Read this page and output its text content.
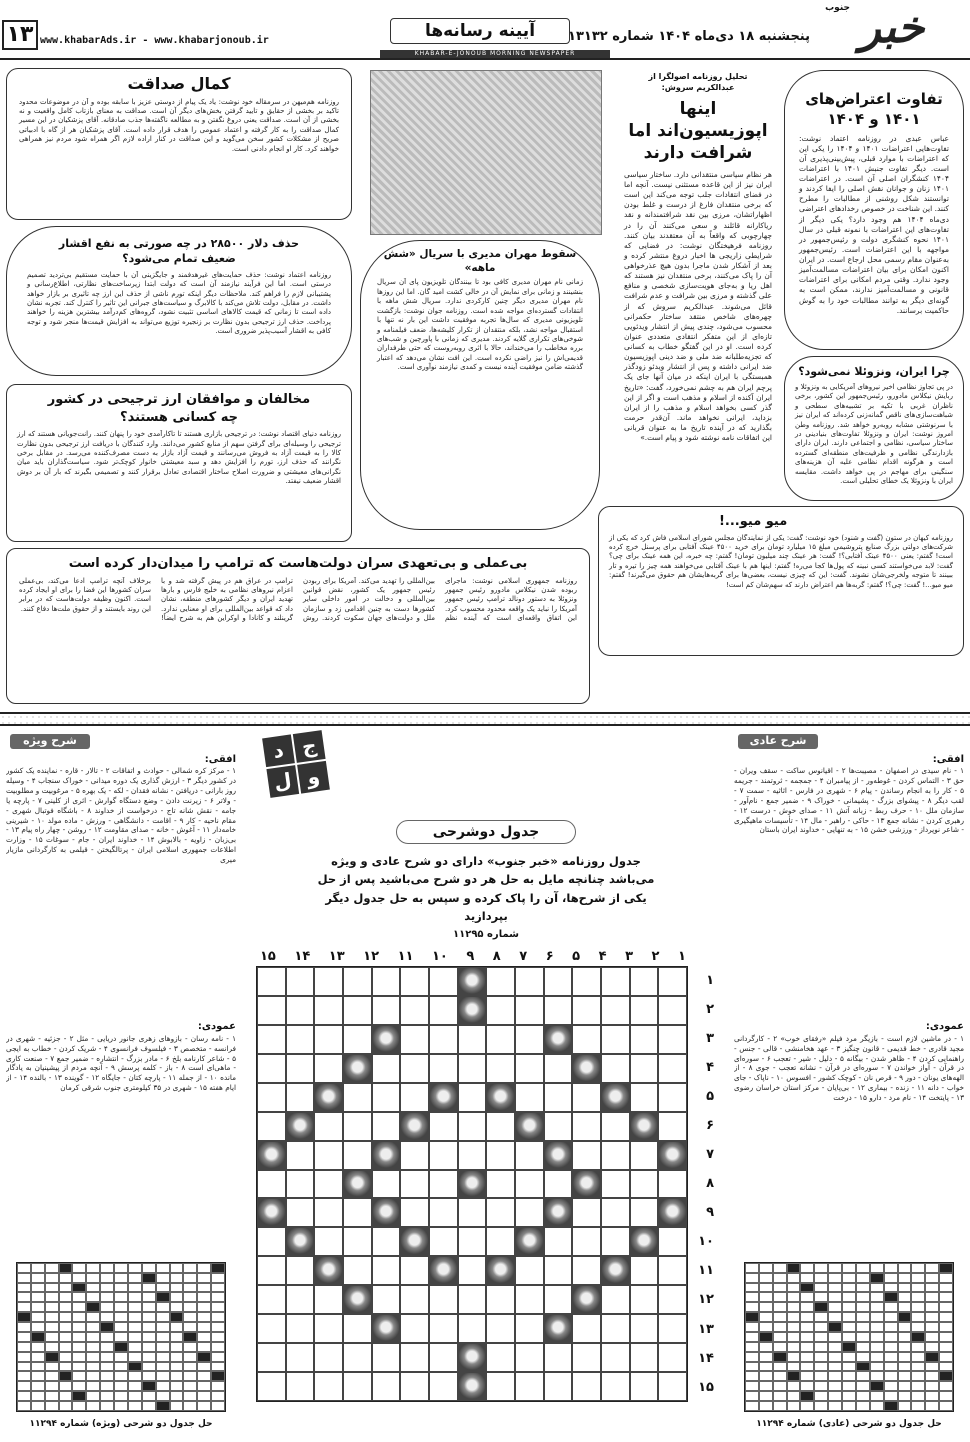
خبر
جنوب
پنجشنبه ۱۸ دی‌ماه ۱۴۰۴ شماره ۱۳۱۳۲
آیینه رسانه‌ها
KHABAR-E-JONOUB MORNING NEWSPAPER
www.khabarAds.ir - www.khabarjonoub.ir
۱۳
تفاوت اعتراض‌های ۱۴۰۱ و ۱۴۰۴
عباس عبدی در روزنامه اعتماد نوشت: تفاوت‌هایی اعتراضات ۱۴۰۱ و ۱۴۰۴ را یکی این که اعتراضات با موارد قبلی، پیش‌بینی‌پذیری آن است. دیگر تفاوت جنبش ۱۴۰۱ با اعتراضات ۱۴۰۴ کنشگران اصلی آن است. در اعتراضات ۱۴۰۱ زنان و جوانان نقش اصلی را ایفا کردند و توانستند شکل روشنی از مطالبات را مطرح کنند. این شناخت در خصوص رخدادهای اعتراضی دی‌ماه ۱۴۰۴ هم وجود دارد؟ یکی دیگر از تفاوت‌های این اعتراضات با نمونه قبلی در سال ۱۴۰۱ نحوه کنشگری دولت و رئیس‌جمهور در مواجهه با این اعتراضات است. رئیس‌جمهور به‌عنوان مقام رسمی محل ارجاع است. در ایران اکنون امکان برای بیان اعتراضات مسالمت‌آمیز وجود ندارد. وقتی مردم امکانی برای اعتراضات قانونی و مسالمت‌آمیز ندارند، ممکن است به گونه‌ای دیگر به توانند مطالبات خود را به گوش حاکمیت برسانند.
چرا ایران، ونزوئلا نمی‌شود؟
در پی تجاوز نظامی اخیر نیروهای آمریکایی به ونزوئلا و ربایش نیکلاس مادورو، رئیس‌جمهور این کشور، برخی ناظران غربی با تکیه بر تشبیه‌های سطحی و شباهت‌سازی‌های ناقص گمانه‌زنی کرده‌اند که ایران نیز با سرنوشتی مشابه روبه‌رو خواهد شد. روزنامه وطن امروز نوشت: ایران و ونزوئلا تفاوت‌های بنیادینی در ساختار سیاسی، نظامی و اجتماعی دارند. ایران دارای بازدارندگی نظامی و ظرفیت‌های منطقه‌ای گسترده است و هرگونه اقدام نظامی علیه آن هزینه‌های سنگینی برای مهاجم در پی خواهد داشت. مقایسه ایران با ونزوئلا یک خطای تحلیلی است.
تحلیل روزنامه اصولگرا از عبدالکریم سروش:
اینها اپوزیسیون‌اند اما شرافت دارند
هر نظام سیاسی منتقدانی دارد. ساختار سیاسی ایران نیز از این قاعده مستثنی نیست. آنچه اما در فضای انتقادات جلب توجه می‌کند این است که برخی منتقدان فارغ از درست و غلط بودن اظهاراتشان، مرزی بین نقد شرافتمندانه و نقد ریاکارانه قائلند و سعی می‌کنند آن را در چهارچوبی که واقعاً به آن معتقدند بیان کنند. روزنامه فرهیختگان نوشت: در فضایی که شرایطی زاریجی ها اخبار دروغ منتشر کرده و بعد از آشکار شدن ماجرا بدون هیچ عذرخواهی آن را پاک می‌کنند، برخی منتقدان نیز هستند که اهل ریا و به‌جای هویت‌سازی شخصی و منافع علی گذشته و مرزی بین شرافت و عدم شرافت قائل می‌شوند. عبدالکریم سروش که از چهره‌های شاخص منتقد ساختار حکمرانی محسوب می‌شود، چندی پیش از انتشار ویدئویی تازه‌ای از این متفکر انتقادی متعددی عنوان کرده است. او در این گفتگو خطاب به کسانی که تجزیه‌طلبانه ضد ملی و ضد دینی اپوزیسیون ضد ایرانی داشته و پس از انتشار ویدئو زودگذر همبستگی با ایران اینکه در میان آنها جای یک پرچم ایران هم به چشم نمی‌خورد، گفت: «تاریخ ایران آکنده از اسلام و مذهب است و اگر از این گذر کسی بخواهد اسلام و مذهب را از ایران بزداید، ایرانی نخواهد ماند. آن‌قدر حرمت بگذارید که در آینده تاریخ ما به عنوان قربانی این اتفاقات نامه نوشته شود و پیام است.»
سقوط مهران مدیری با سریال «شش ماهه»
زمانی نام مهران مدیری کافی بود تا بینندگان تلویزیون پای آن سریال بنشینند و زمانی برای نمایش آن در خالی کشت امید گان. اما این روزها نام مهران مدیری دیگر چنین کارکردی ندارد. سریال شش ماهه با انتقادات گسترده‌ای مواجه شده است. روزنامه جوان نوشت: بازگشت تلویزیونی مدیری که سال‌ها تجربه موفقیت داشت این بار نه تنها با استقبال مواجه نشد، بلکه منتقدان از تکرار کلیشه‌ها، ضعف فیلمنامه و شوخی‌های تکراری گلایه کردند. مدیری که زمانی با پاورچین و شب‌های برره مخاطب را می‌خنداند، حالا با اثری روبه‌روست که حتی طرفداران قدیمی‌اش را نیز راضی نکرده است. این افت نشان می‌دهد که اعتبار گذشته ضامن موفقیت آینده نیست و کمدی نیازمند نوآوری است.
کمال صداقت
روزنامه هم‌میهن در سرمقاله خود نوشت: یاد یک پیام از دوستی عزیز با سابقه بوده و آن در موضوعات محدود تاکید بر بخشی از حقایق و تایید گرفتن بخش‌های دیگر آن است. صداقت به معنای بازتاب کامل واقعیت و نه بخشی از آن است. صداقت یعنی دروغ نگفتن و به مطالعه ناگفته‌ها جذب صادقانه. آقای پزشکیان در این مسیر کمال صداقت را به کار گرفته و اعتماد عمومی را هدف قرار داده است. آقای پزشکیان هر از گاه با ادبیاتی صریح از مشکلات کشور سخن می‌گوید و این صداقت در کنار اراده لازم اگر همراه شود مردم نیز همراهی خواهند کرد. کار او انجام دادنی است.
حذف دلار ۲۸۵۰۰ در چه صورتی به نفع اقشار ضعیف تمام می‌شود؟
روزنامه اعتماد نوشت: حذف حمایت‌های غیرهدفمند و جایگزینی آن با حمایت مستقیم بی‌تردید تصمیم درستی است. اما این فرآیند نیازمند آن است که دولت ابتدا زیرساخت‌های نظارتی، اطلاع‌رسانی و پشتیبانی لازم را فراهم کند. ملاحظات دیگر اینکه تورم ناشی از حذف این ارز چه تاثیری بر بازار خواهد داشت. در مقابل، دولت تلاش می‌کند با کالابرگ و سیاست‌های جبرانی این تاثیر را کنترل کند. تجربه نشان داده است تا زمانی که قیمت کالاهای اساسی تثبیت نشود، گروه‌های کم‌درآمد بیشترین هزینه را خواهند پرداخت. حذف ارز ترجیحی بدون نظارت بر زنجیره توزیع می‌تواند به افزایش قیمت‌ها منجر شود و توجه کافی به اقشار آسیب‌پذیر ضروری است.
مخالفان و موافقان ارز ترجیحی در کشور چه کسانی هستند؟
روزنامه دنیای اقتصاد نوشت: در ترجیحی بازاری هستند تا تاکارآمدی خود را پنهان کنند. رانت‌جویانی هستند که ارز ترجیحی را وسیله‌ای برای گرفتن سهم از منابع کشور می‌دانند. وارد کنندگان با دریافت ارز ترجیحی بدون نظارت کالا را به قیمت آزاد به فروش می‌رسانند و قیمت آزاد بازار به دست مصرف‌کننده می‌رسد. در مقابل برخی نگرانند که حذف ارز، تورم را افزایش دهد و سبد معیشتی خانوار کوچک‌تر شود. سیاست‌گذاران باید میان نگرانی‌های معیشتی و ضرورت اصلاح ساختار اقتصادی تعادل برقرار کنند و تصمیمی بگیرند که بار آن بر دوش اقشار ضعیف نیفتد.
میو میو...!
روزنامه کیهان در ستون (گفت و شنود) خود نوشت: گفت: یکی از نمایندگان مجلس شورای اسلامی فاش کرد که یکی از شرکت‌های دولتی بزرگ صنایع پتروشیمی مبلغ ۱۵ میلیارد تومان برای خرید ۴۵۰۰ عینک آفتابی برای پرسنل خرچ کرده است! گفتم: یعنی ۴۵۰۰ عینک آفتابی؟! گفت: هر عینک چند میلیون تومان! گفتم: چه خبره، این همه عینک برای چی؟ گفت: لابد می‌خواستند کسی نبینه که پول‌ها کجا می‌ره! گفتم: اینها هم با عینک آفتابی می‌خواهند همه چیز را تیره و تار ببینند تا متوجه ولخرجی‌شان نشوند. گفت: این که چیزی نیست، بعضی‌ها برای گربه‌هایشان هم حقوق می‌گیرند! گفتم: میو میو...! گفت: چی‌؟! گفتم: گربه‌ها هم اعتراض دارند که سهم‌شان کم است!
بی‌عملی و بی‌تعهدی سران دولت‌هاست که ترامپ را میدان‌دار کرده است
روزنامه جمهوری اسلامی نوشت: ماجرای ربوده شدن نیکلاس مادورو رئیس جمهور ونزوئلا به دستور دونالد ترامپ رئیس جمهور آمریکا را نباید یک واقعه محدود محسوب کرد. این اتفاق واقعه‌ای است که آینده نظم بین‌المللی را تهدید می‌کند. آمریکا برای ربودن رئیس جمهور یک کشور، نقض قوانین بین‌المللی و دخالت در امور داخلی سایر کشورها دست به چنین اقدامی زد و سازمان ملل و دولت‌های جهان سکوت کردند. روش ترامپ در عراق هم در پیش گرفته شد و با اعزام نیروهای نظامی به خلیج فارس و بارها تهدید ایران و دیگر کشورهای منطقه، نشان داد که قواعد بین‌المللی برای او معنایی ندارد. گرینلند و کانادا و اوکراین هم به شرح ایضاً! برخلاف آنچه ترامپ ادعا می‌کند، بی‌عملی سران کشورها این فضا را برای او ایجاد کرده است. اکنون وظیفه دولت‌هاست که در برابر این روند بایستند و از حقوق ملت‌ها دفاع کنند.
شرح عادی
افقی:
۱ - نام سیدی در اصفهان - مصیبت‌ها ۲ - اقیانوس ساکت - سقف ویران - حق ۳ - التماس کردن - غوطه‌ور - از پیامبران ۴ - جمجمه - ثروتمند - جریمه ۵ - کار را به انجام رساندن - پیام ۶ - شهری در فارس - اثاثیه - سمت ۷ - لقب دیگر ۸ - پیشوای بزرگ - پشیمانی - خوراک ۹ - ضمیر جمع - نام‌آور - سازمان ملل ۱۰ - حرف ربط - زبانه آتش ۱۱ - صدای خوش - درست ۱۲ - رهبری کردن - نشانه جمع ۱۳ - حاکی - راهبر - مال ۱۴ - تأسیسات ماهیگیری - شاعر نوپرداز - ورزشی خشن ۱۵ - به تنهایی - خداوند ایران باستان
عمودی:
۱ - در ماشین لازم است - بازیگر مرد فیلم «رفقای خوب» ۲ - کارگردانی مجید قادری - خط قدیمی - قانون چنگیز ۳ - عهد هخامنشی - قالی - جنس - راهنمایی کردن ۴ - ظاهر شدن - بیگانه ۵ - دلیل - شیر - تعجب ۶ - سوره‌ای در قرآن - آواز خواندن ۷ - سوره‌ای در قرآن - نشانه تعجب - جوی ۸ - از الهه‌های یونان - دور ۹ - قرص نان - کوچک کشور - افسوس ۱۰ - ناپاک - جای خواب - دانه ۱۱ - زنده - بیماری ۱۲ - بی‌پایان - مرکز استان خراسان رضوی ۱۳ - پایتخت ۱۴ - نام مرد - دارو ۱۵ - درخت
حل جدول دو شرحی (عادی) شماره ۱۱۲۹۴
شرح ویژه
افقی:
۱ - مرکز کره شمالی - حوادث و اتفاقات ۲ - تالار - قاره - نماینده یک کشور در کشور دیگر ۳ - ارزش گذاری یک دوره میدانی - خوراک سنجاب ۴ - وسیله روز بارانی - دریافتن - نشانه فقدان - لکه - یک بهره ۵ - مرغوبیت و مطلوبیت - ولاتر ۶ - زیرنت دادن - وضع دستگاه گوارش - اثری از کلینی ۷ - پارچه یا جامه - نقش شانه تاج - درخواست از خداوند ۸ - باشگاه فوتبال شهری - مقام ناحیه - کار ۹ - اقامت - دانشگاهی - ورزش - ماده مولد ۱۰ - شیرینی خامه‌دار ۱۱ - آغوش - خانه - صدای مقاومت ۱۲ - روشن - چهار راه پیام ۱۳ - بی‌زبان - زاویه - بالابوش ۱۴ - خداوند ایران - جام - سوغات ۱۵ - وزارت اطلاعات جمهوری اسلامی ایران - پرتالگیختن - قیلمی به کارگردانی مازیار میری
عمودی:
۱ - نامه رسان - بازوهای زهری جانور دریایی - مثل ۲ - جزئیه - شهری در فرانسه - متخصص ۳ - فیلسوف فرانسوی ۴ - شریک کردن - خطاب به ایجی ۵ - شاعر کارنامه بلخ ۶ - مادر بزرگ - انتشاره - ضمیر جمع ۷ - صنعت کاری - ماهی‌ای است ۸ - باز - کلمه پرسش ۹ - آنچه مردم از پیشینیان به یادگار مانده ۱۰ - از جمله ۱۱ - پارچه کتان - جایگاه ۱۲ - گوینده ۱۳ - بالنده ۱۴ - از ایام هفته ۱۵ - شهری در ۳۵ کیلومتری جنوب شرقی کرمان
حل جدول دو شرحی (ویژه) شماره ۱۱۲۹۴
ج
د
و
ل
جدول دوشرحی
جدول روزنامه «خبر جنوب» دارای دو شرح عادی و ویژه می‌باشد چنانچه مایل به حل هر دو شرح می‌باشید پس از حل یکی از شرح‌ها، آن را پاک کرده و سپس به حل جدول دیگر بپردازید
شماره ۱۱۲۹۵
۱۵ ۱۴ ۱۳ ۱۲ ۱۱ ۱۰ ۹ ۸ ۷ ۶ ۵ ۴ ۳ ۲ ۱
۱
۲
۳
۴
۵
۶
۷
۸
۹
۱۰
۱۱
۱۲
۱۳
۱۴
۱۵
